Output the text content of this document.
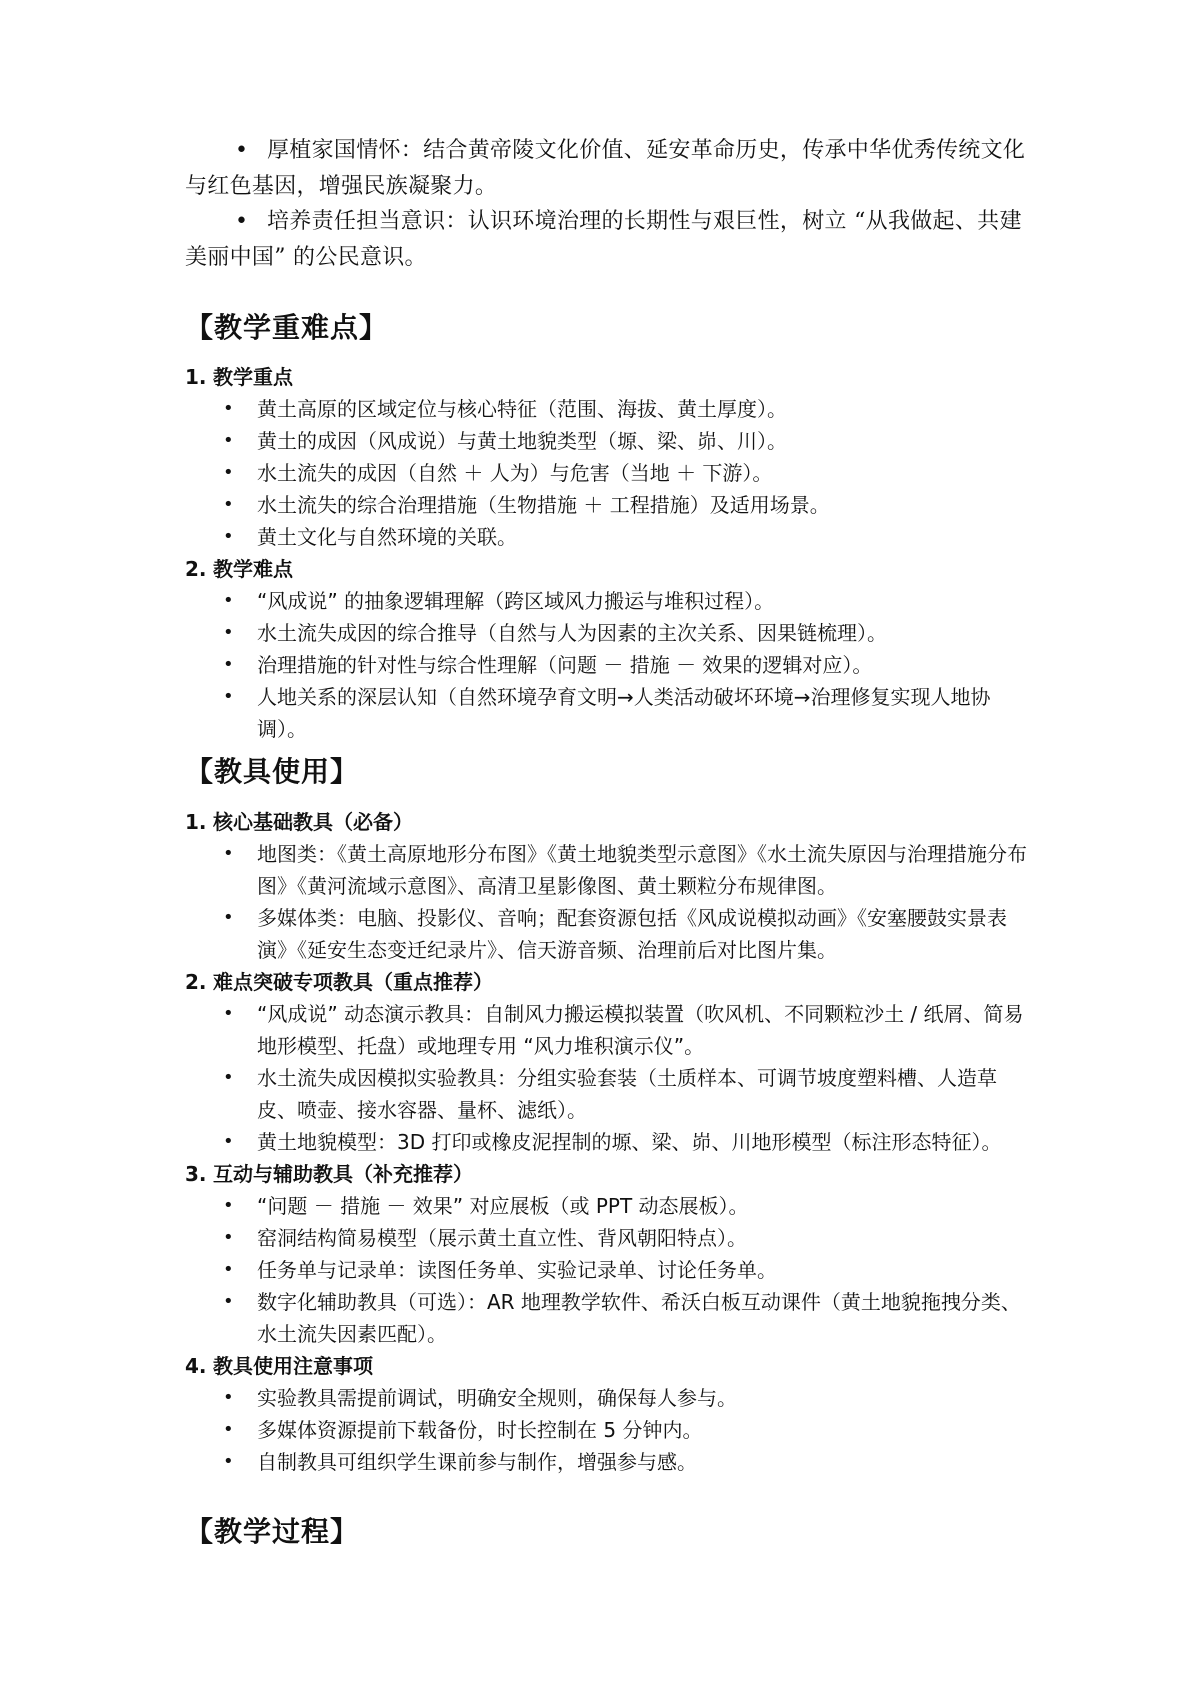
• 厚植家国情怀：结合黄帝陵文化价值、延安革命历史，传承中华优秀传统文化与红色基因，增强民族凝聚力。
• 培养责任担当意识：认识环境治理的长期性与艰巨性，树立 “从我做起、共建美丽中国” 的公民意识。
【教学重难点】
1. 教学重点
• 黄土高原的区域定位与核心特征（范围、海拔、黄土厚度）。
• 黄土的成因（风成说）与黄土地貌类型（塬、梁、峁、川）。
• 水土流失的成因（自然 ＋ 人为）与危害（当地 ＋ 下游）。
• 水土流失的综合治理措施（生物措施 ＋ 工程措施）及适用场景。
• 黄土文化与自然环境的关联。
2. 教学难点
• “风成说” 的抽象逻辑理解（跨区域风力搬运与堆积过程）。
• 水土流失成因的综合推导（自然与人为因素的主次关系、因果链梳理）。
• 治理措施的针对性与综合性理解（问题 － 措施 － 效果的逻辑对应）。
• 人地关系的深层认知（自然环境孕育文明→人类活动破坏环境→治理修复实现人地协调）。
【教具使用】
1. 核心基础教具（必备）
• 地图类：《黄土高原地形分布图》《黄土地貌类型示意图》《水土流失原因与治理措施分布图》《黄河流域示意图》、高清卫星影像图、黄土颗粒分布规律图。
• 多媒体类：电脑、投影仪、音响；配套资源包括《风成说模拟动画》《安塞腰鼓实景表演》《延安生态变迁纪录片》、信天游音频、治理前后对比图片集。
2. 难点突破专项教具（重点推荐）
• “风成说” 动态演示教具：自制风力搬运模拟装置（吹风机、不同颗粒沙土 / 纸屑、简易地形模型、托盘）或地理专用 “风力堆积演示仪”。
• 水土流失成因模拟实验教具：分组实验套装（土质样本、可调节坡度塑料槽、人造草皮、喷壶、接水容器、量杯、滤纸）。
• 黄土地貌模型：3D 打印或橡皮泥捏制的塬、梁、峁、川地形模型（标注形态特征）。
3. 互动与辅助教具（补充推荐）
• “问题 － 措施 － 效果” 对应展板（或 PPT 动态展板）。
• 窑洞结构简易模型（展示黄土直立性、背风朝阳特点）。
• 任务单与记录单：读图任务单、实验记录单、讨论任务单。
• 数字化辅助教具（可选）：AR 地理教学软件、希沃白板互动课件（黄土地貌拖拽分类、水土流失因素匹配）。
4. 教具使用注意事项
• 实验教具需提前调试，明确安全规则，确保每人参与。
• 多媒体资源提前下载备份，时长控制在 5 分钟内。
• 自制教具可组织学生课前参与制作，增强参与感。
【教学过程】
